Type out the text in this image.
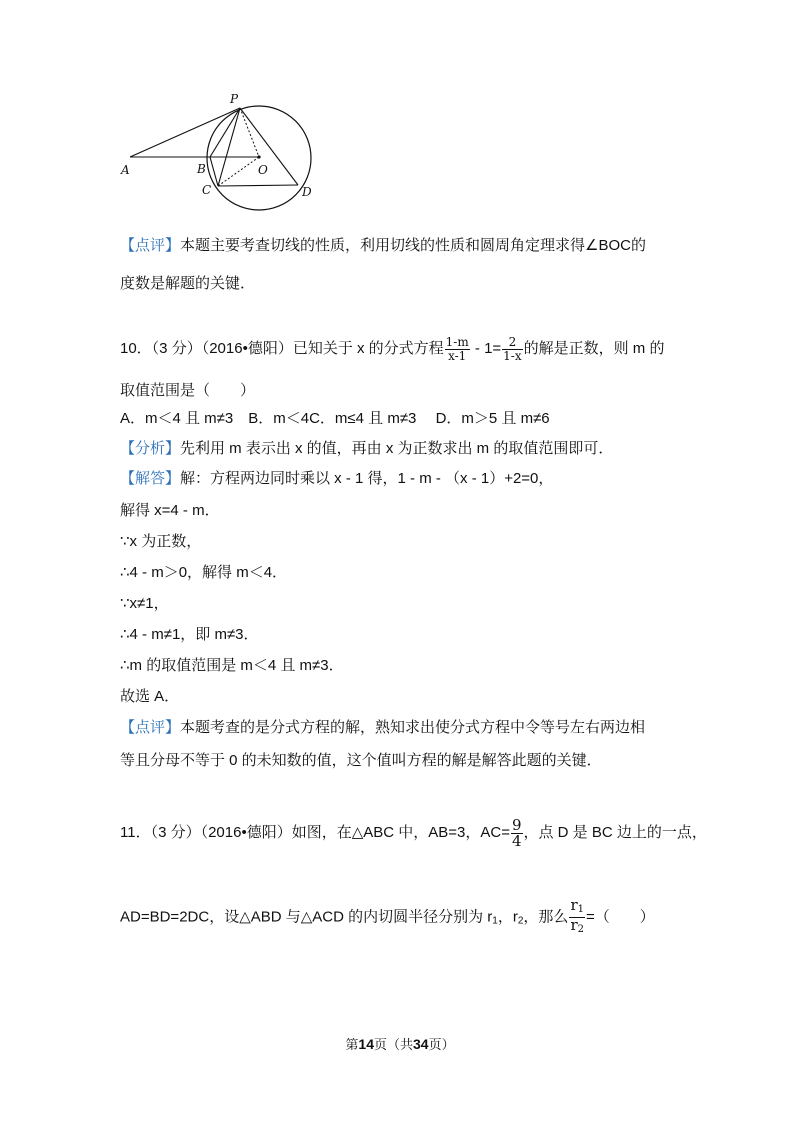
P
A	B
C
O
D
【点评】本题主要考查切线的性质，利用切线的性质和圆周角定理求得∠BOC的
度数是解题的关键．
10．（3 分）（2016•德阳）已知关于 x 的分式方程 $\frac{1-m}{x-1} - 1= \frac{2}{1-x}$ 的解是正数，则 m 的
取值范围是（　　）
A．m＜4 且 m≠3　B．m＜4C．m≤4 且 m≠3　 D．m＞5 且 m≠6
【分析】先利用 m 表示出 x 的值，再由 x 为正数求出 m 的取值范围即可．
【解答】解：方程两边同时乘以 x - 1 得，1 - m - （x - 1）+2=0，
解得 x=4 - m．
∵x 为正数，
∴4 - m＞0，解得 m＜4．
∵x≠1，
∴4 - m≠1，即 m≠3．
∴m 的取值范围是 m＜4 且 m≠3．
故选 A．
【点评】本题考查的是分式方程的解，熟知求出使分式方程中令等号左右两边相
等且分母不等于 0 的未知数的值，这个值叫方程的解是解答此题的关键．
11．（3 分）（2016•德阳）如图，在△ABC 中，AB=3，$AC= \frac{9}{4}$ ，点 D 是 BC 边上的一点，
AD=BD=2DC，设△ABD 与△ACD 的内切圆半径分别为 $r_1$，$r_2$，那么 $\frac{r_1}{r_2}$ =（　　）
第14页（共34页）
